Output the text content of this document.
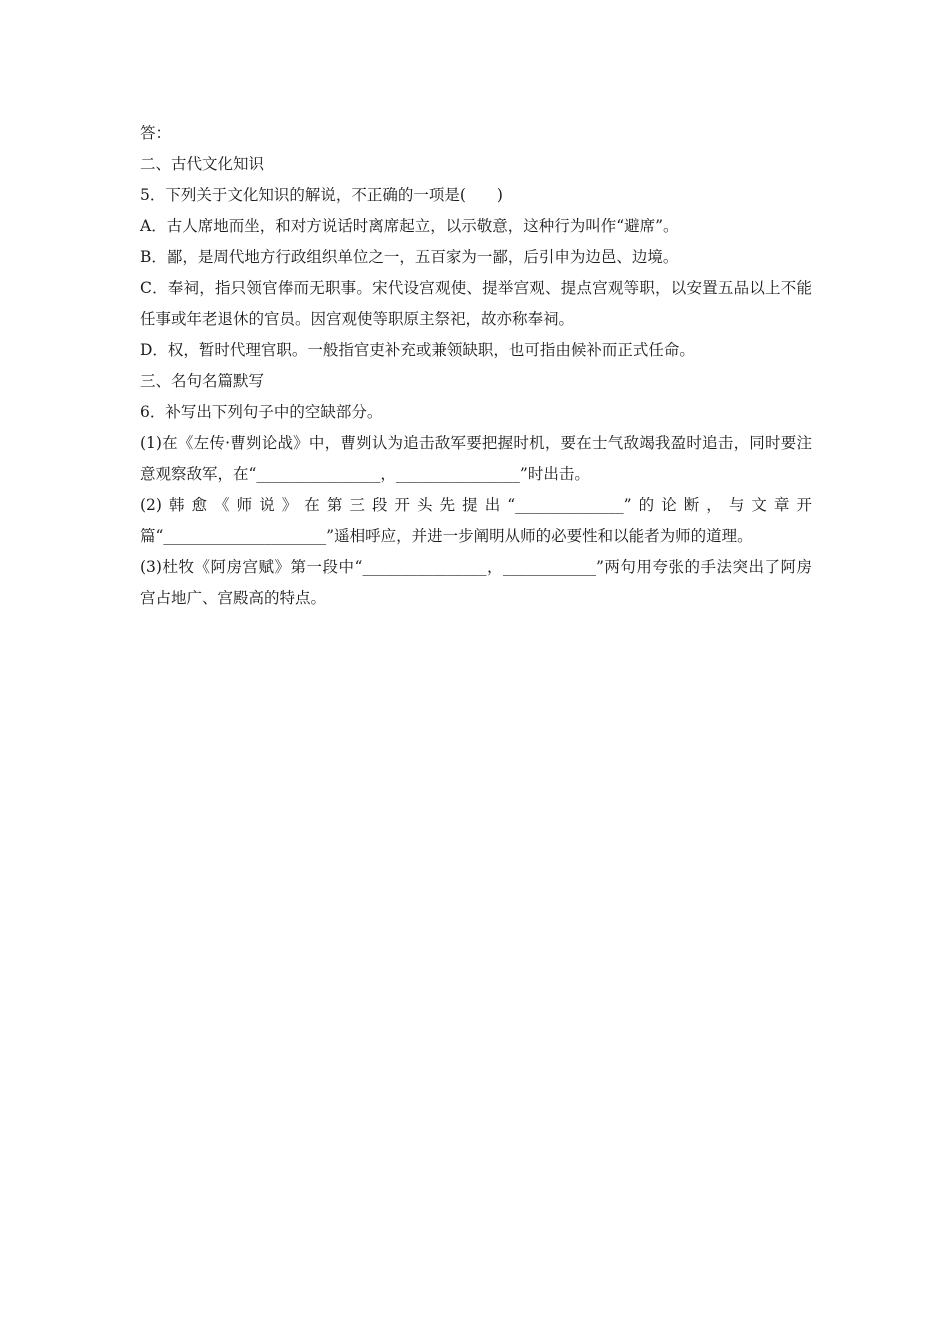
答：
二、古代文化知识
5．下列关于文化知识的解说，不正确的一项是(　　)
A．古人席地而坐，和对方说话时离席起立，以示敬意，这种行为叫作“避席”。
B．鄙，是周代地方行政组织单位之一，五百家为一鄙，后引申为边邑、边境。
C．奉祠，指只领官俸而无职事。宋代设宫观使、提举宫观、提点宫观等职，以安置五品以上不能任事或年老退休的官员。因宫观使等职原主祭祀，故亦称奉祠。
D．权，暂时代理官职。一般指官吏补充或兼领缺职，也可指由候补而正式任命。
三、名句名篇默写
6．补写出下列句子中的空缺部分。
(1)在《左传·曹刿论战》中，曹刿认为追击敌军要把握时机，要在士气敌竭我盈时追击，同时要注意观察敌军，在“________________，________________”时出击。
(2)韩愈《师说》在第三段开头先提出“______________”的论断，与文章开篇“_____________________”遥相呼应，并进一步阐明从师的必要性和以能者为师的道理。
(3)杜牧《阿房宫赋》第一段中“________________，____________”两句用夸张的手法突出了阿房宫占地广、宫殿高的特点。
